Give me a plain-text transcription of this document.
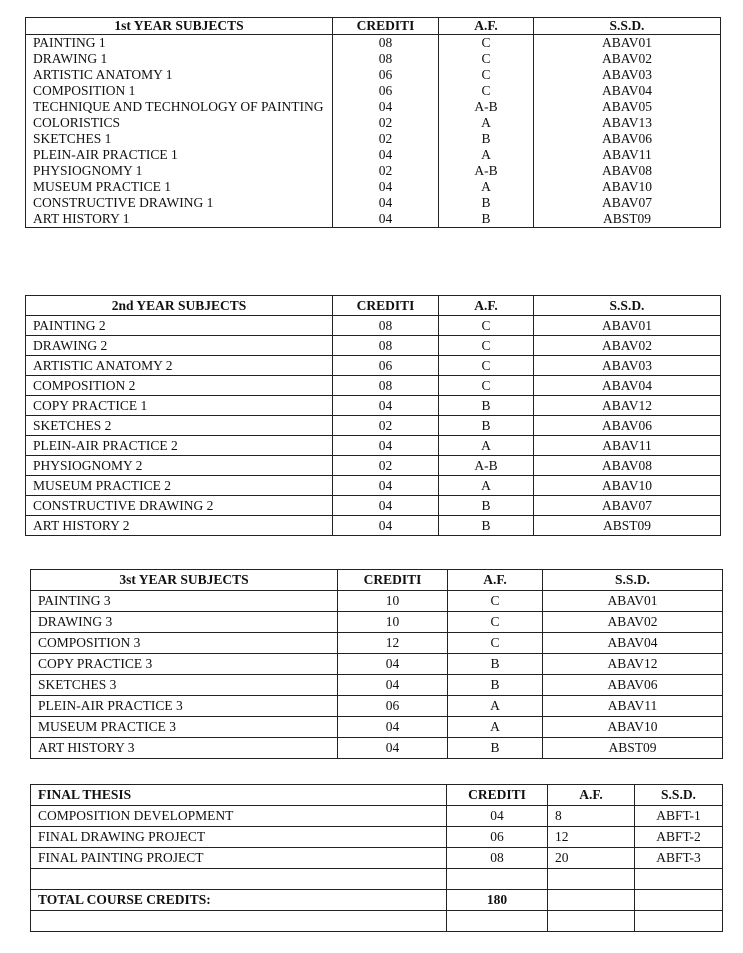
1st YEAR SUBJECTS	CREDITI	A.F.	S.S.D.
PAINTING 1	08	C	ABAV01
DRAWING 1	08	C	ABAV02
ARTISTIC ANATOMY 1	06	C	ABAV03
COMPOSITION 1	06	C	ABAV04
TECHNIQUE AND TECHNOLOGY OF PAINTING	04	A-B	ABAV05
COLORISTICS	02	A	ABAV13
SKETCHES 1	02	B	ABAV06
PLEIN-AIR PRACTICE 1	04	A	ABAV11
PHYSIOGNOMY 1	02	A-B	ABAV08
MUSEUM PRACTICE 1	04	A	ABAV10
CONSTRUCTIVE DRAWING 1	04	B	ABAV07
ART HISTORY 1	04	B	ABST09
2nd YEAR SUBJECTS	CREDITI	A.F.	S.S.D.
PAINTING 2	08	C	ABAV01
DRAWING 2	08	C	ABAV02
ARTISTIC ANATOMY 2	06	C	ABAV03
COMPOSITION 2	08	C	ABAV04
COPY PRACTICE 1	04	B	ABAV12
SKETCHES 2	02	B	ABAV06
PLEIN-AIR PRACTICE 2	04	A	ABAV11
PHYSIOGNOMY 2	02	A-B	ABAV08
MUSEUM PRACTICE 2	04	A	ABAV10
CONSTRUCTIVE DRAWING 2	04	B	ABAV07
ART HISTORY 2	04	B	ABST09
3st YEAR SUBJECTS	CREDITI	A.F.	S.S.D.
PAINTING 3	10	C	ABAV01
DRAWING 3	10	C	ABAV02
COMPOSITION 3	12	C	ABAV04
COPY PRACTICE 3	04	B	ABAV12
SKETCHES 3	04	B	ABAV06
PLEIN-AIR PRACTICE 3	06	A	ABAV11
MUSEUM PRACTICE 3	04	A	ABAV10
ART HISTORY 3	04	B	ABST09
FINAL THESIS	CREDITI	A.F.	S.S.D.
COMPOSITION DEVELOPMENT	04	8	ABFT-1
FINAL DRAWING PROJECT	06	12	ABFT-2
FINAL PAINTING PROJECT	08	20	ABFT-3

TOTAL COURSE CREDITS:	180		
